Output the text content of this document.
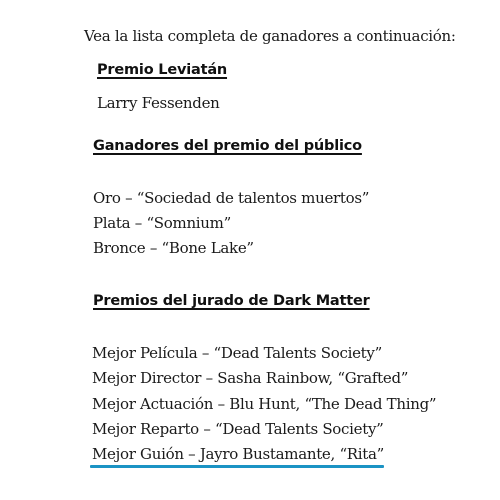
Vea la lista completa de ganadores a continuación:

Premio Leviatán

Larry Fessenden

Ganadores del premio del público

Oro – “Sociedad de talentos muertos”

Plata – “Somnium”

Bronce – “Bone Lake”

Premios del jurado de Dark Matter

Mejor Película – “Dead Talents Society”

Mejor Director – Sasha Rainbow, “Grafted”

Mejor Actuación – Blu Hunt, “The Dead Thing”

Mejor Reparto – “Dead Talents Society”

Mejor Guión – Jayro Bustamante, “Rita”
